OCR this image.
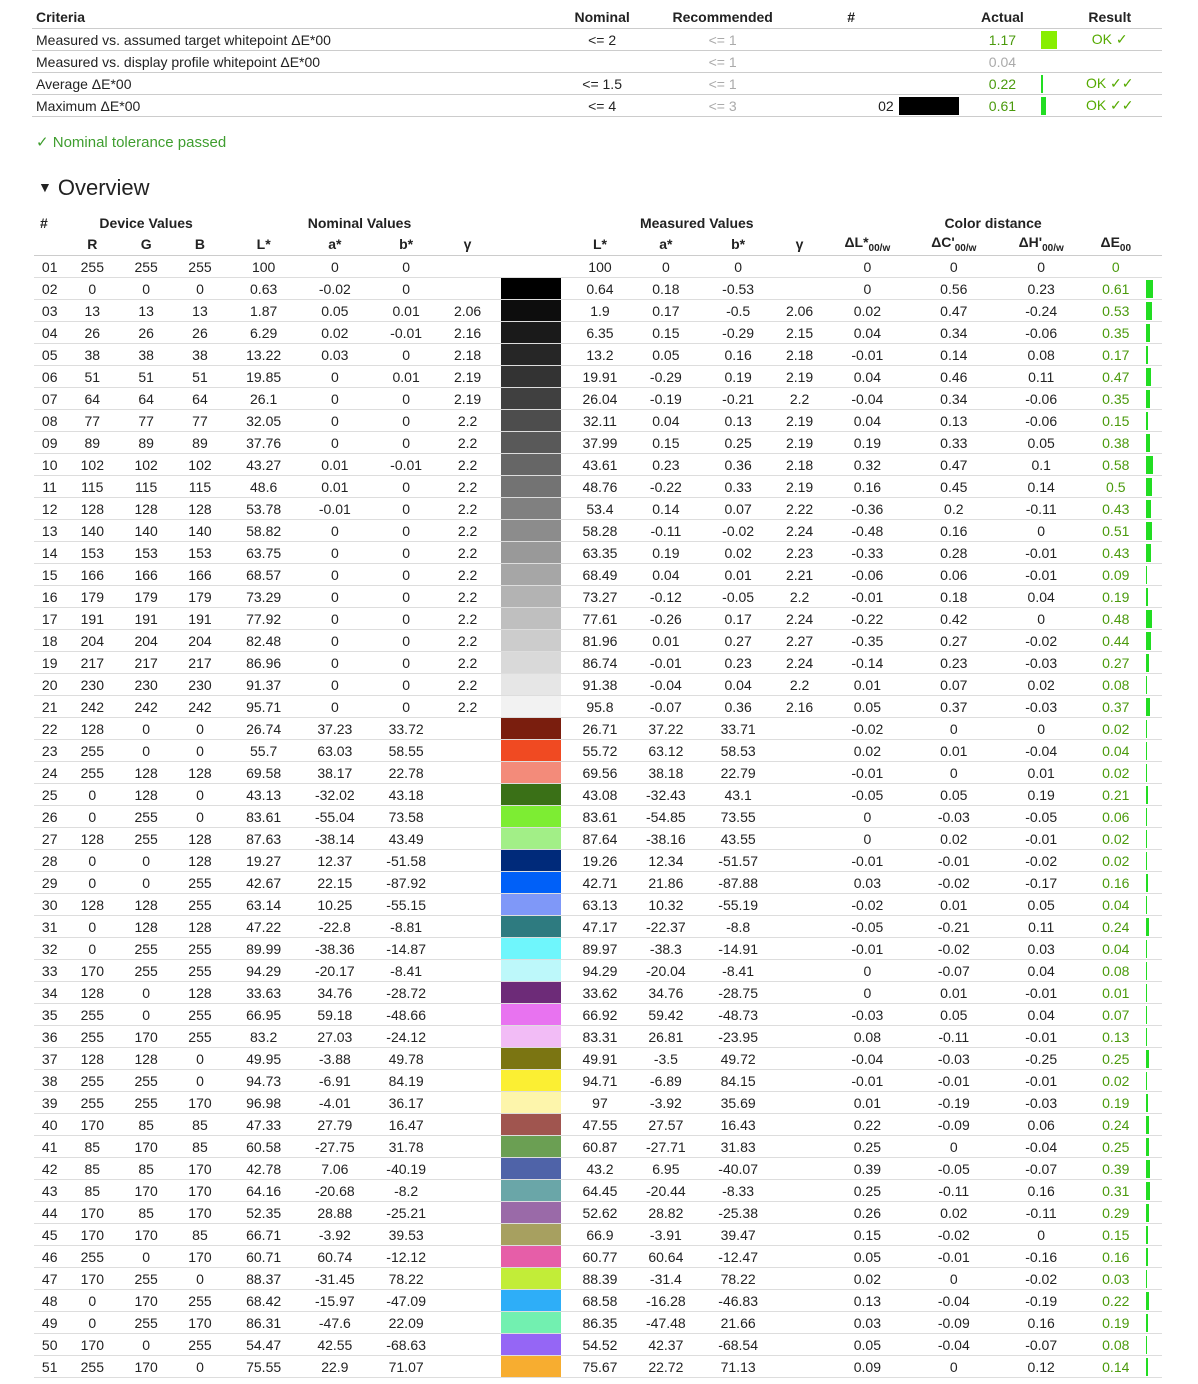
Criteria	Nominal	Recommended	#		Actual		Result
Measured vs. assumed target whitepoint ΔE*00	<= 2	<= 1			1.17		OK ✓
Measured vs. display profile whitepoint ΔE*00		<= 1			0.04		
Average ΔE*00	<= 1.5	<= 1			0.22		OK ✓✓
Maximum ΔE*00	<= 4	<= 3	02		0.61		OK ✓✓
✓ Nominal tolerance passed
▼ Overview
#	Device Values			Nominal Values					Measured Values				Color distance				
	R	G	B	L*	a*	b*	γ		L*	a*	b*	γ	$\Delta L*_{00/w}$	$\Delta C'_{00/w}$	$\Delta H'_{00/w}$	$\Delta E_{00}$	
01	255	255	255	100	0	0			100	0	0		0	0	0	0	
02	0	0	0	0.63	-0.02	0			0.64	0.18	-0.53		0	0.56	0.23	0.61	

03	13	13	13	1.87	0.05	0.01	2.06		1.9	0.17	-0.5	2.06	0.02	0.47	-0.24	0.53	

04	26	26	26	6.29	0.02	-0.01	2.16		6.35	0.15	-0.29	2.15	0.04	0.34	-0.06	0.35	

05	38	38	38	13.22	0.03	0	2.18		13.2	0.05	0.16	2.18	-0.01	0.14	0.08	0.17	

06	51	51	51	19.85	0	0.01	2.19		19.91	-0.29	0.19	2.19	0.04	0.46	0.11	0.47	

07	64	64	64	26.1	0	0	2.19		26.04	-0.19	-0.21	2.2	-0.04	0.34	-0.06	0.35	

08	77	77	77	32.05	0	0	2.2		32.11	0.04	0.13	2.19	0.04	0.13	-0.06	0.15	

09	89	89	89	37.76	0	0	2.2		37.99	0.15	0.25	2.19	0.19	0.33	0.05	0.38	

10	102	102	102	43.27	0.01	-0.01	2.2		43.61	0.23	0.36	2.18	0.32	0.47	0.1	0.58	

11	115	115	115	48.6	0.01	0	2.2		48.76	-0.22	0.33	2.19	0.16	0.45	0.14	0.5	

12	128	128	128	53.78	-0.01	0	2.2		53.4	0.14	0.07	2.22	-0.36	0.2	-0.11	0.43	

13	140	140	140	58.82	0	0	2.2		58.28	-0.11	-0.02	2.24	-0.48	0.16	0	0.51	

14	153	153	153	63.75	0	0	2.2		63.35	0.19	0.02	2.23	-0.33	0.28	-0.01	0.43	

15	166	166	166	68.57	0	0	2.2		68.49	0.04	0.01	2.21	-0.06	0.06	-0.01	0.09	

16	179	179	179	73.29	0	0	2.2		73.27	-0.12	-0.05	2.2	-0.01	0.18	0.04	0.19	

17	191	191	191	77.92	0	0	2.2		77.61	-0.26	0.17	2.24	-0.22	0.42	0	0.48	

18	204	204	204	82.48	0	0	2.2		81.96	0.01	0.27	2.27	-0.35	0.27	-0.02	0.44	

19	217	217	217	86.96	0	0	2.2		86.74	-0.01	0.23	2.24	-0.14	0.23	-0.03	0.27	

20	230	230	230	91.37	0	0	2.2		91.38	-0.04	0.04	2.2	0.01	0.07	0.02	0.08	

21	242	242	242	95.71	0	0	2.2		95.8	-0.07	0.36	2.16	0.05	0.37	-0.03	0.37	

22	128	0	0	26.74	37.23	33.72			26.71	37.22	33.71		-0.02	0	0	0.02	

23	255	0	0	55.7	63.03	58.55			55.72	63.12	58.53		0.02	0.01	-0.04	0.04	

24	255	128	128	69.58	38.17	22.78			69.56	38.18	22.79		-0.01	0	0.01	0.02	

25	0	128	0	43.13	-32.02	43.18			43.08	-32.43	43.1		-0.05	0.05	0.19	0.21	

26	0	255	0	83.61	-55.04	73.58			83.61	-54.85	73.55		0	-0.03	-0.05	0.06	

27	128	255	128	87.63	-38.14	43.49			87.64	-38.16	43.55		0	0.02	-0.01	0.02	

28	0	0	128	19.27	12.37	-51.58			19.26	12.34	-51.57		-0.01	-0.01	-0.02	0.02	

29	0	0	255	42.67	22.15	-87.92			42.71	21.86	-87.88		0.03	-0.02	-0.17	0.16	

30	128	128	255	63.14	10.25	-55.15			63.13	10.32	-55.19		-0.02	0.01	0.05	0.04	

31	0	128	128	47.22	-22.8	-8.81			47.17	-22.37	-8.8		-0.05	-0.21	0.11	0.24	

32	0	255	255	89.99	-38.36	-14.87			89.97	-38.3	-14.91		-0.01	-0.02	0.03	0.04	

33	170	255	255	94.29	-20.17	-8.41			94.29	-20.04	-8.41		0	-0.07	0.04	0.08	

34	128	0	128	33.63	34.76	-28.72			33.62	34.76	-28.75		0	0.01	-0.01	0.01	

35	255	0	255	66.95	59.18	-48.66			66.92	59.42	-48.73		-0.03	0.05	0.04	0.07	

36	255	170	255	83.2	27.03	-24.12			83.31	26.81	-23.95		0.08	-0.11	-0.01	0.13	

37	128	128	0	49.95	-3.88	49.78			49.91	-3.5	49.72		-0.04	-0.03	-0.25	0.25	

38	255	255	0	94.73	-6.91	84.19			94.71	-6.89	84.15		-0.01	-0.01	-0.01	0.02	

39	255	255	170	96.98	-4.01	36.17			97	-3.92	35.69		0.01	-0.19	-0.03	0.19	

40	170	85	85	47.33	27.79	16.47			47.55	27.57	16.43		0.22	-0.09	0.06	0.24	

41	85	170	85	60.58	-27.75	31.78			60.87	-27.71	31.83		0.25	0	-0.04	0.25	

42	85	85	170	42.78	7.06	-40.19			43.2	6.95	-40.07		0.39	-0.05	-0.07	0.39	

43	85	170	170	64.16	-20.68	-8.2			64.45	-20.44	-8.33		0.25	-0.11	0.16	0.31	

44	170	85	170	52.35	28.88	-25.21			52.62	28.82	-25.38		0.26	0.02	-0.11	0.29	

45	170	170	85	66.71	-3.92	39.53			66.9	-3.91	39.47		0.15	-0.02	0	0.15	

46	255	0	170	60.71	60.74	-12.12			60.77	60.64	-12.47		0.05	-0.01	-0.16	0.16	

47	170	255	0	88.37	-31.45	78.22			88.39	-31.4	78.22		0.02	0	-0.02	0.03	

48	0	170	255	68.42	-15.97	-47.09			68.58	-16.28	-46.83		0.13	-0.04	-0.19	0.22	

49	0	255	170	86.31	-47.6	22.09			86.35	-47.48	21.66		0.03	-0.09	0.16	0.19	

50	170	0	255	54.47	42.55	-68.63			54.52	42.37	-68.54		0.05	-0.04	-0.07	0.08	

51	255	170	0	75.55	22.9	71.07			75.67	22.72	71.13		0.09	0	0.12	0.14	
